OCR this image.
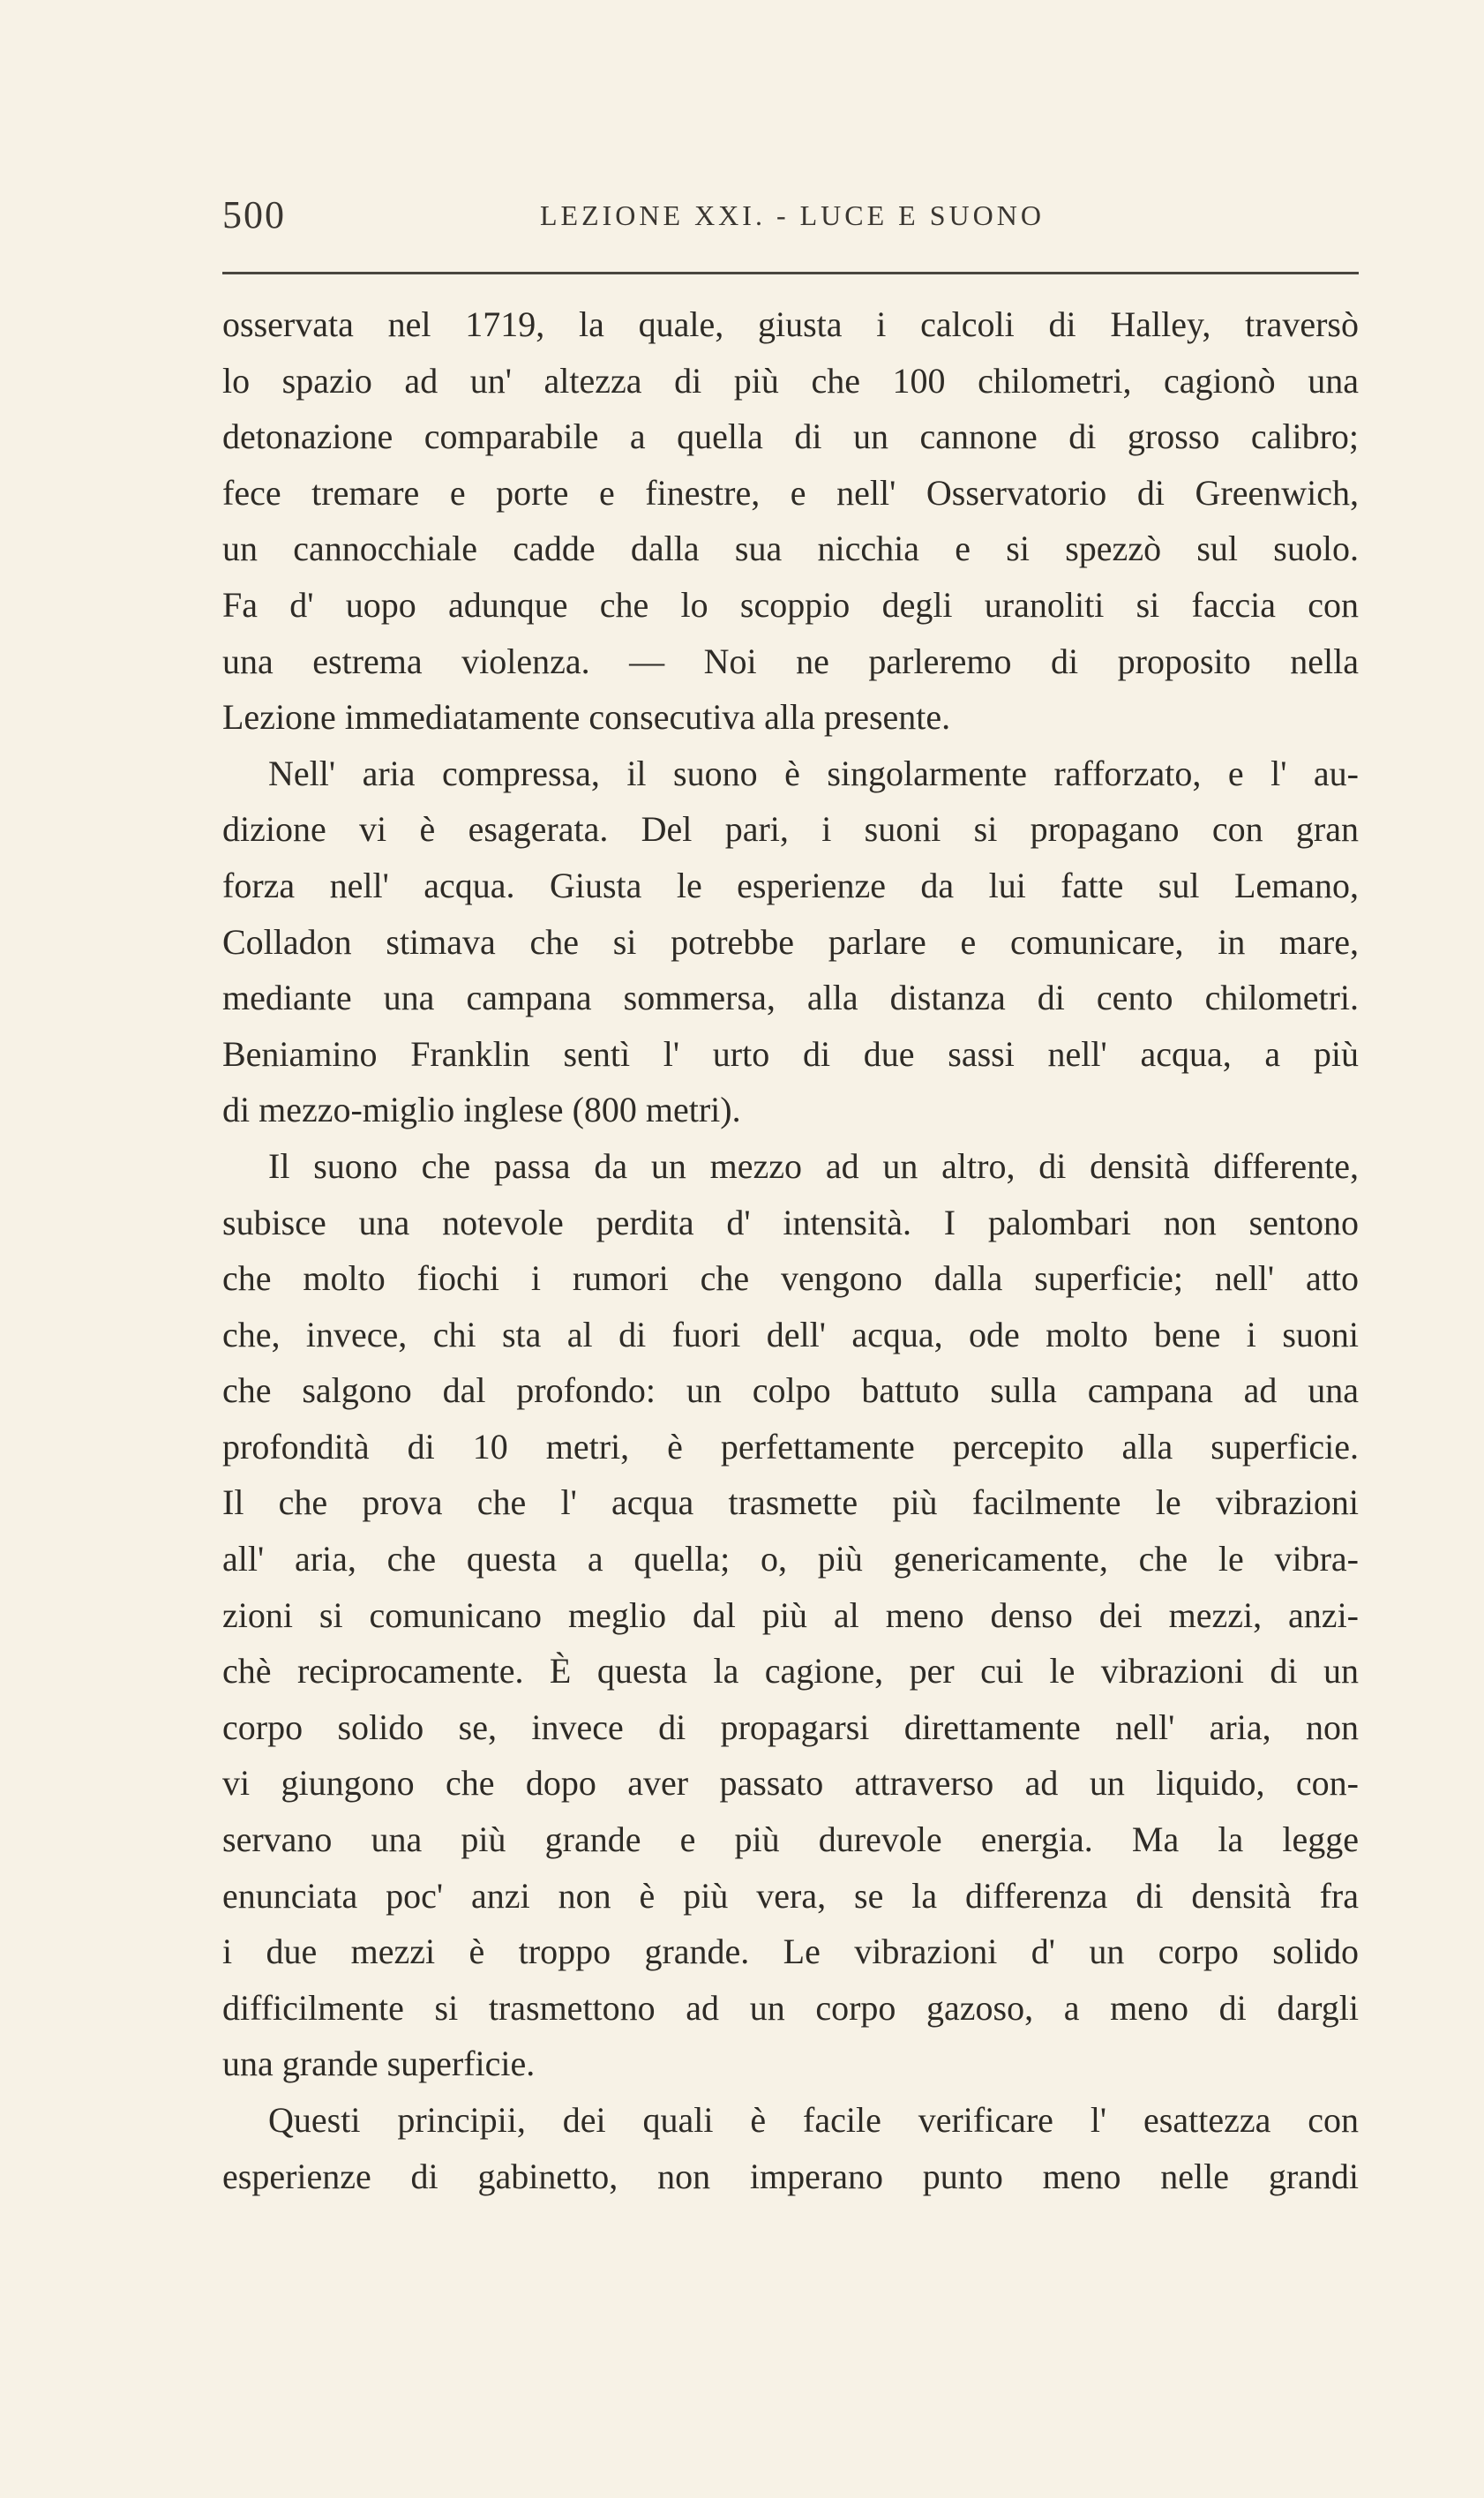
500	LEZIONE XXI. - LUCE E SUONO
osservata nel 1719, la quale, giusta i calcoli di Halley, traversò
lo spazio ad un' altezza di più che 100 chilometri, cagionò una
detonazione comparabile a quella di un cannone di grosso calibro;
fece tremare e porte e finestre, e nell' Osservatorio di Greenwich,
un cannocchiale cadde dalla sua nicchia e si spezzò sul suolo.
Fa d' uopo adunque che lo scoppio degli uranoliti si faccia con
una estrema violenza. — Noi ne parleremo di proposito nella
Lezione immediatamente consecutiva alla presente.
Nell' aria compressa, il suono è singolarmente rafforzato, e l' au-
dizione vi è esagerata. Del pari, i suoni si propagano con gran
forza nell' acqua. Giusta le esperienze da lui fatte sul Lemano,
Colladon stimava che si potrebbe parlare e comunicare, in mare,
mediante una campana sommersa, alla distanza di cento chilometri.
Beniamino Franklin sentì l' urto di due sassi nell' acqua, a più
di mezzo-miglio inglese (800 metri).
Il suono che passa da un mezzo ad un altro, di densità differente,
subisce una notevole perdita d' intensità. I palombari non sentono
che molto fiochi i rumori che vengono dalla superficie; nell' atto
che, invece, chi sta al di fuori dell' acqua, ode molto bene i suoni
che salgono dal profondo: un colpo battuto sulla campana ad una
profondità di 10 metri, è perfettamente percepito alla superficie.
Il che prova che l' acqua trasmette più facilmente le vibrazioni
all' aria, che questa a quella; o, più genericamente, che le vibra-
zioni si comunicano meglio dal più al meno denso dei mezzi, anzi-
chè reciprocamente. È questa la cagione, per cui le vibrazioni di un
corpo solido se, invece di propagarsi direttamente nell' aria, non
vi giungono che dopo aver passato attraverso ad un liquido, con-
servano una più grande e più durevole energia. Ma la legge
enunciata poc' anzi non è più vera, se la differenza di densità fra
i due mezzi è troppo grande. Le vibrazioni d' un corpo solido
difficilmente si trasmettono ad un corpo gazoso, a meno di dargli
una grande superficie.
Questi principii, dei quali è facile verificare l' esattezza con
esperienze di gabinetto, non imperano punto meno nelle grandi
